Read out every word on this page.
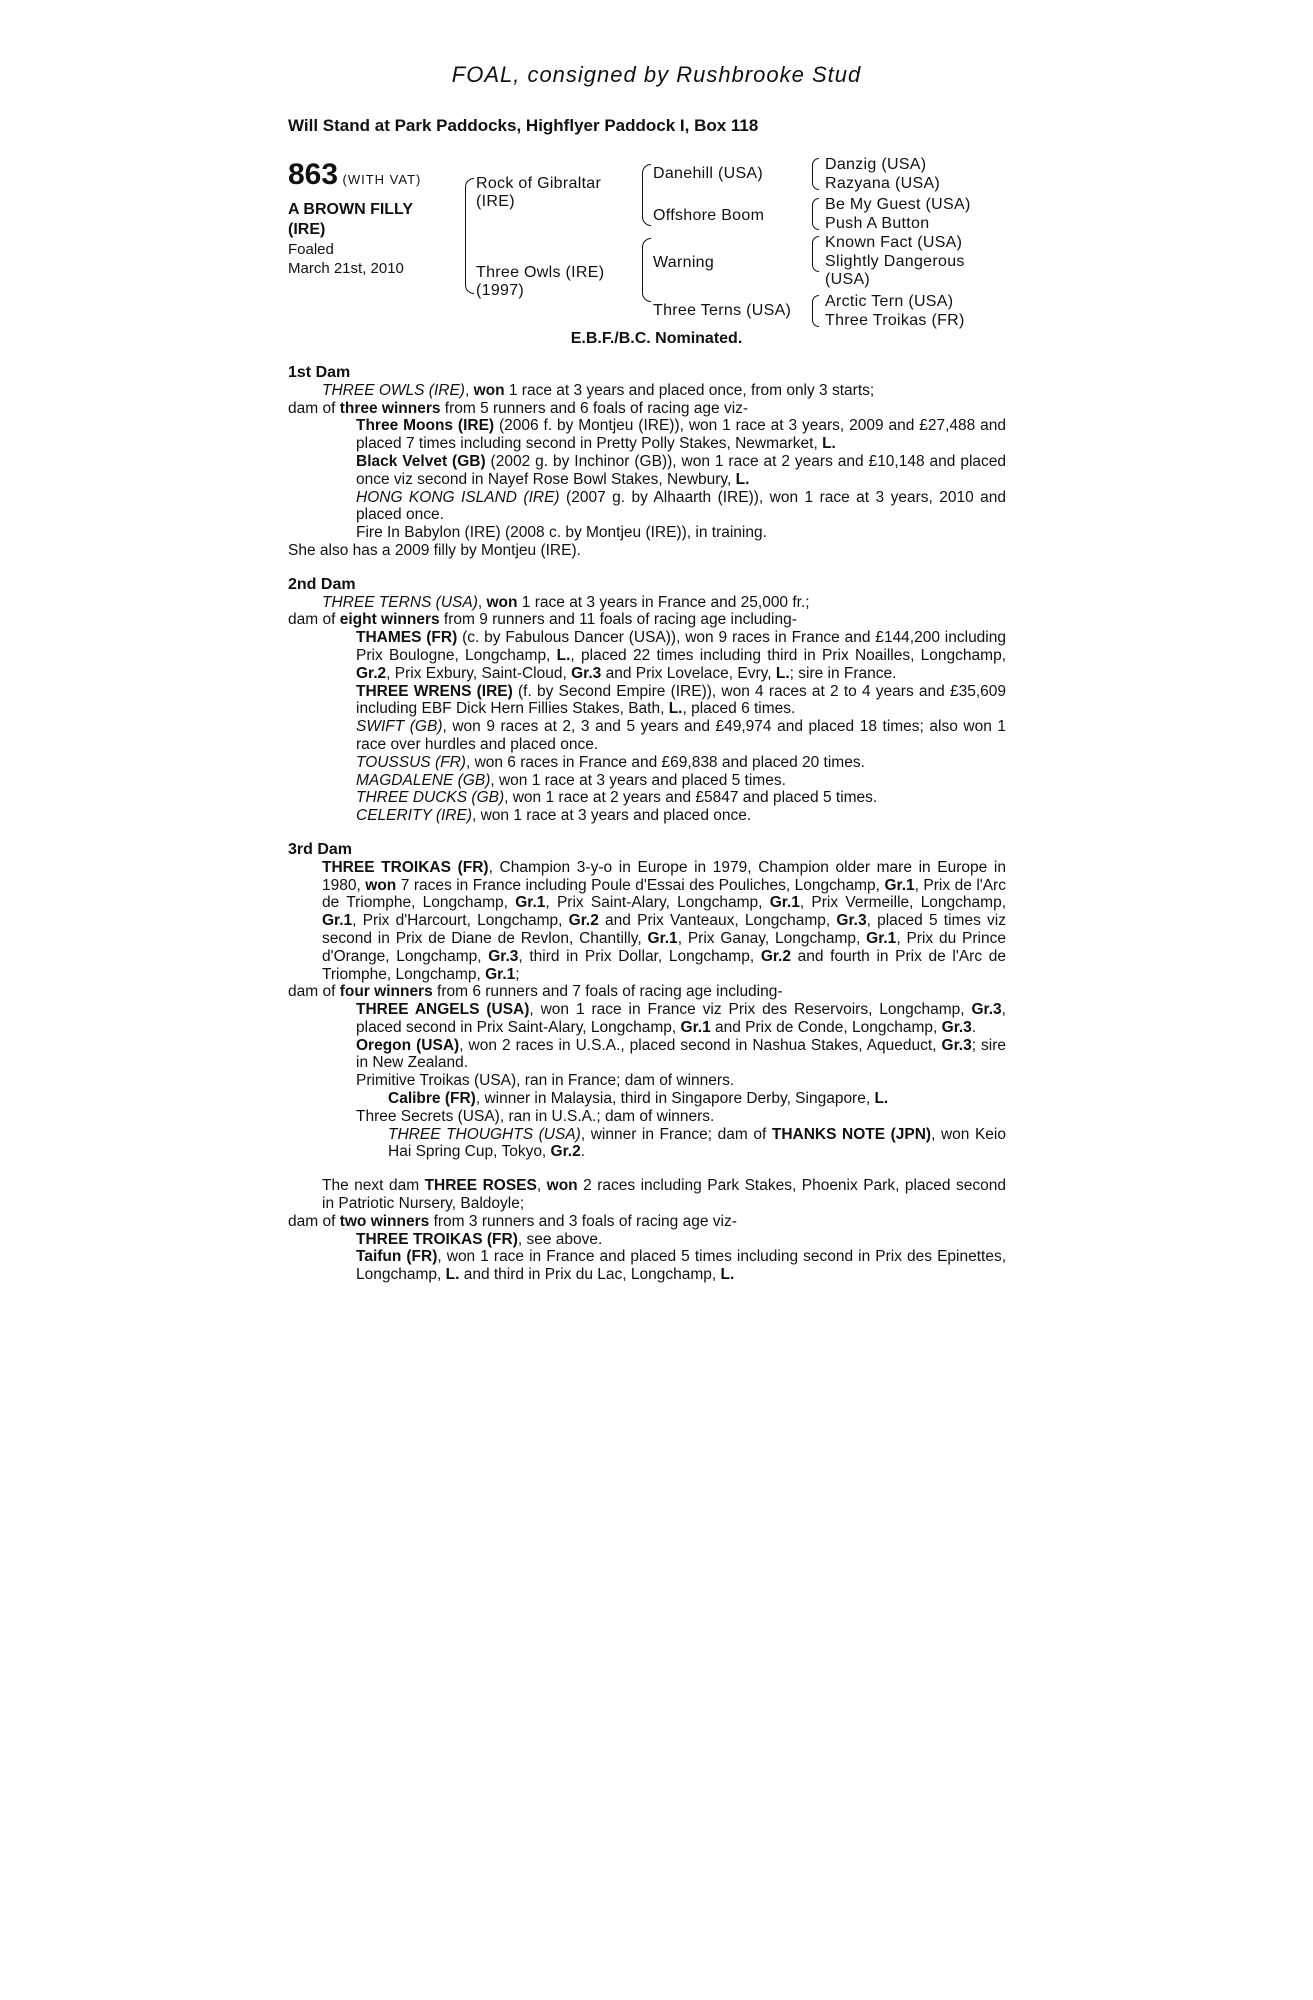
FOAL, consigned by Rushbrooke Stud
Will Stand at Park Paddocks, Highflyer Paddock I, Box 118
863 (WITH VAT)
A BROWN FILLY
(IRE)
Foaled
March 21st, 2010
Rock of Gibraltar
(IRE)
Three Owls (IRE)
(1997)
Danehill (USA)
Offshore Boom
Warning
Three Terns (USA)
Danzig (USA)
Razyana (USA)
Be My Guest (USA)
Push A Button
Known Fact (USA)
Slightly Dangerous
(USA)
Arctic Tern (USA)
Three Troikas (FR)
E.B.F./B.C. Nominated.

1st Dam

THREE OWLS (IRE), won 1 race at 3 years and placed once, from only 3 starts;

dam of three winners from 5 runners and 6 foals of racing age viz-

Three Moons (IRE) (2006 f. by Montjeu (IRE)), won 1 race at 3 years, 2009 and £27,488 and placed 7 times including second in Pretty Polly Stakes, Newmarket, L.

Black Velvet (GB) (2002 g. by Inchinor (GB)), won 1 race at 2 years and £10,148 and placed once viz second in Nayef Rose Bowl Stakes, Newbury, L.

HONG KONG ISLAND (IRE) (2007 g. by Alhaarth (IRE)), won 1 race at 3 years, 2010 and placed once.

Fire In Babylon (IRE) (2008 c. by Montjeu (IRE)), in training.

She also has a 2009 filly by Montjeu (IRE).

2nd Dam

THREE TERNS (USA), won 1 race at 3 years in France and 25,000 fr.;

dam of eight winners from 9 runners and 11 foals of racing age including-

THAMES (FR) (c. by Fabulous Dancer (USA)), won 9 races in France and £144,200 including Prix Boulogne, Longchamp, L., placed 22 times including third in Prix Noailles, Longchamp, Gr.2, Prix Exbury, Saint-Cloud, Gr.3 and Prix Lovelace, Evry, L.; sire in France.

THREE WRENS (IRE) (f. by Second Empire (IRE)), won 4 races at 2 to 4 years and £35,609 including EBF Dick Hern Fillies Stakes, Bath, L., placed 6 times.

SWIFT (GB), won 9 races at 2, 3 and 5 years and £49,974 and placed 18 times; also won 1 race over hurdles and placed once.

TOUSSUS (FR), won 6 races in France and £69,838 and placed 20 times.

MAGDALENE (GB), won 1 race at 3 years and placed 5 times.

THREE DUCKS (GB), won 1 race at 2 years and £5847 and placed 5 times.

CELERITY (IRE), won 1 race at 3 years and placed once.

3rd Dam

THREE TROIKAS (FR), Champion 3-y-o in Europe in 1979, Champion older mare in Europe in 1980, won 7 races in France including Poule d'Essai des Pouliches, Longchamp, Gr.1, Prix de l'Arc de Triomphe, Longchamp, Gr.1, Prix Saint-Alary, Longchamp, Gr.1, Prix Vermeille, Longchamp, Gr.1, Prix d'Harcourt, Longchamp, Gr.2 and Prix Vanteaux, Longchamp, Gr.3, placed 5 times viz second in Prix de Diane de Revlon, Chantilly, Gr.1, Prix Ganay, Longchamp, Gr.1, Prix du Prince d'Orange, Longchamp, Gr.3, third in Prix Dollar, Longchamp, Gr.2 and fourth in Prix de l'Arc de Triomphe, Longchamp, Gr.1;

dam of four winners from 6 runners and 7 foals of racing age including-

THREE ANGELS (USA), won 1 race in France viz Prix des Reservoirs, Longchamp, Gr.3, placed second in Prix Saint-Alary, Longchamp, Gr.1 and Prix de Conde, Longchamp, Gr.3.

Oregon (USA), won 2 races in U.S.A., placed second in Nashua Stakes, Aqueduct, Gr.3; sire in New Zealand.

Primitive Troikas (USA), ran in France; dam of winners.

Calibre (FR), winner in Malaysia, third in Singapore Derby, Singapore, L.

Three Secrets (USA), ran in U.S.A.; dam of winners.

THREE THOUGHTS (USA), winner in France; dam of THANKS NOTE (JPN), won Keio Hai Spring Cup, Tokyo, Gr.2.

The next dam THREE ROSES, won 2 races including Park Stakes, Phoenix Park, placed second in Patriotic Nursery, Baldoyle;

dam of two winners from 3 runners and 3 foals of racing age viz-

THREE TROIKAS (FR), see above.

Taifun (FR), won 1 race in France and placed 5 times including second in Prix des Epinettes, Longchamp, L. and third in Prix du Lac, Longchamp, L.
